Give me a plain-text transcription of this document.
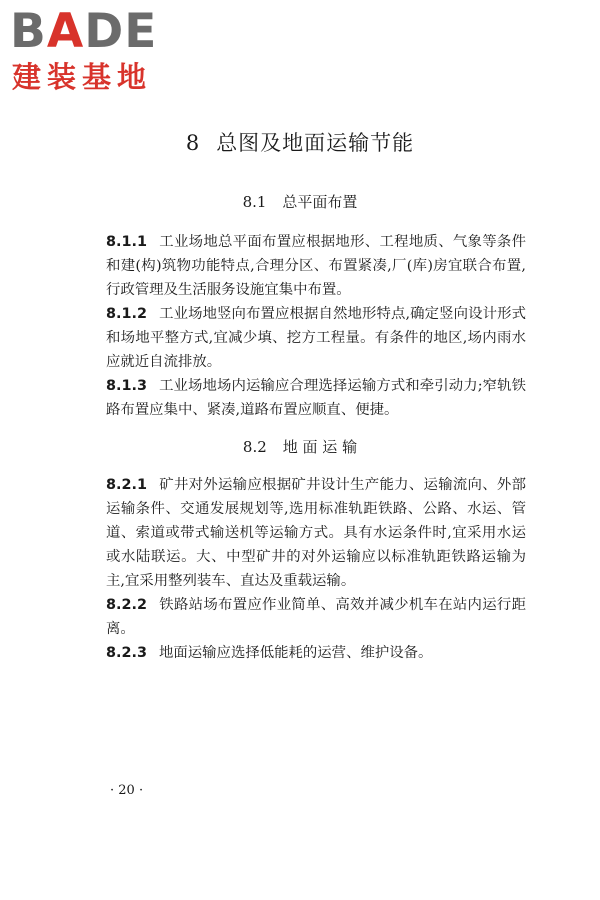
BADE
建装基地
8 总图及地面运输节能
8.1 总平面布置
8.1.1 工业场地总平面布置应根据地形、工程地质、气象等条件和建(构)筑物功能特点,合理分区、布置紧凑,厂(库)房宜联合布置,行政管理及生活服务设施宜集中布置。
8.1.2 工业场地竖向布置应根据自然地形特点,确定竖向设计形式和场地平整方式,宜减少填、挖方工程量。有条件的地区,场内雨水应就近自流排放。
8.1.3 工业场地场内运输应合理选择运输方式和牵引动力;窄轨铁路布置应集中、紧凑,道路布置应顺直、便捷。
8.2 地 面 运 输
8.2.1 矿井对外运输应根据矿井设计生产能力、运输流向、外部运输条件、交通发展规划等,选用标准轨距铁路、公路、水运、管道、索道或带式输送机等运输方式。具有水运条件时,宜采用水运或水陆联运。大、中型矿井的对外运输应以标准轨距铁路运输为主,宜采用整列装车、直达及重载运输。
8.2.2 铁路站场布置应作业简单、高效并减少机车在站内运行距离。
8.2.3 地面运输应选择低能耗的运营、维护设备。
· 20 ·
